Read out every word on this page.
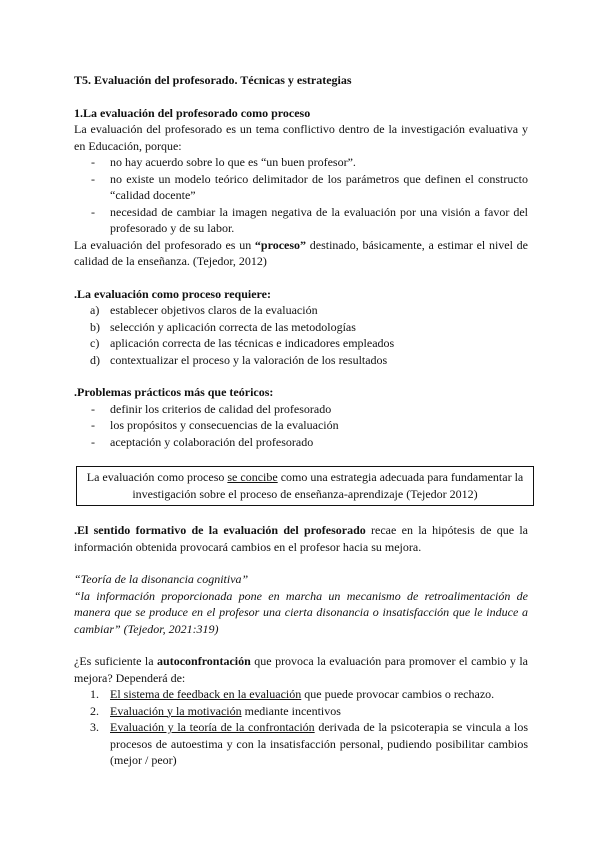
T5. Evaluación del profesorado. Técnicas y estrategias
1.La evaluación del profesorado como proceso

La evaluación del profesorado es un tema conflictivo dentro de la investigación evaluativa y en Educación, porque:

- no hay acuerdo sobre lo que es “un buen profesor”.
- no existe un modelo teórico delimitador de los parámetros que definen el constructo “calidad docente”
- necesidad de cambiar la imagen negativa de la evaluación por una visión a favor del profesorado y de su labor.

La evaluación del profesorado es un “proceso” destinado, básicamente, a estimar el nivel de calidad de la enseñanza. (Tejedor, 2012)

.La evaluación como proceso requiere:
a) establecer objetivos claros de la evaluación
b) selección y aplicación correcta de las metodologías
c) aplicación correcta de las técnicas e indicadores empleados
d) contextualizar el proceso y la valoración de los resultados
.Problemas prácticos más que teóricos:
- definir los criterios de calidad del profesorado
- los propósitos y consecuencias de la evaluación
- aceptación y colaboración del profesorado
La evaluación como proceso se concibe como una estrategia adecuada para fundamentar la investigación sobre el proceso de enseñanza-aprendizaje (Tejedor 2012)

.El sentido formativo de la evaluación del profesorado recae en la hipótesis de que la información obtenida provocará cambios en el profesor hacia su mejora.

“Teoría de la disonancia cognitiva”

“la información proporcionada pone en marcha un mecanismo de retroalimentación de manera que se produce en el profesor una cierta disonancia o insatisfacción que le induce a cambiar” (Tejedor, 2021:319)

¿Es suficiente la autoconfrontación que provoca la evaluación para promover el cambio y la mejora? Dependerá de:

1. El sistema de feedback en la evaluación que puede provocar cambios o rechazo.
2. Evaluación y la motivación mediante incentivos
3. Evaluación y la teoría de la confrontación derivada de la psicoterapia se vincula a los procesos de autoestima y con la insatisfacción personal, pudiendo posibilitar cambios (mejor / peor)
